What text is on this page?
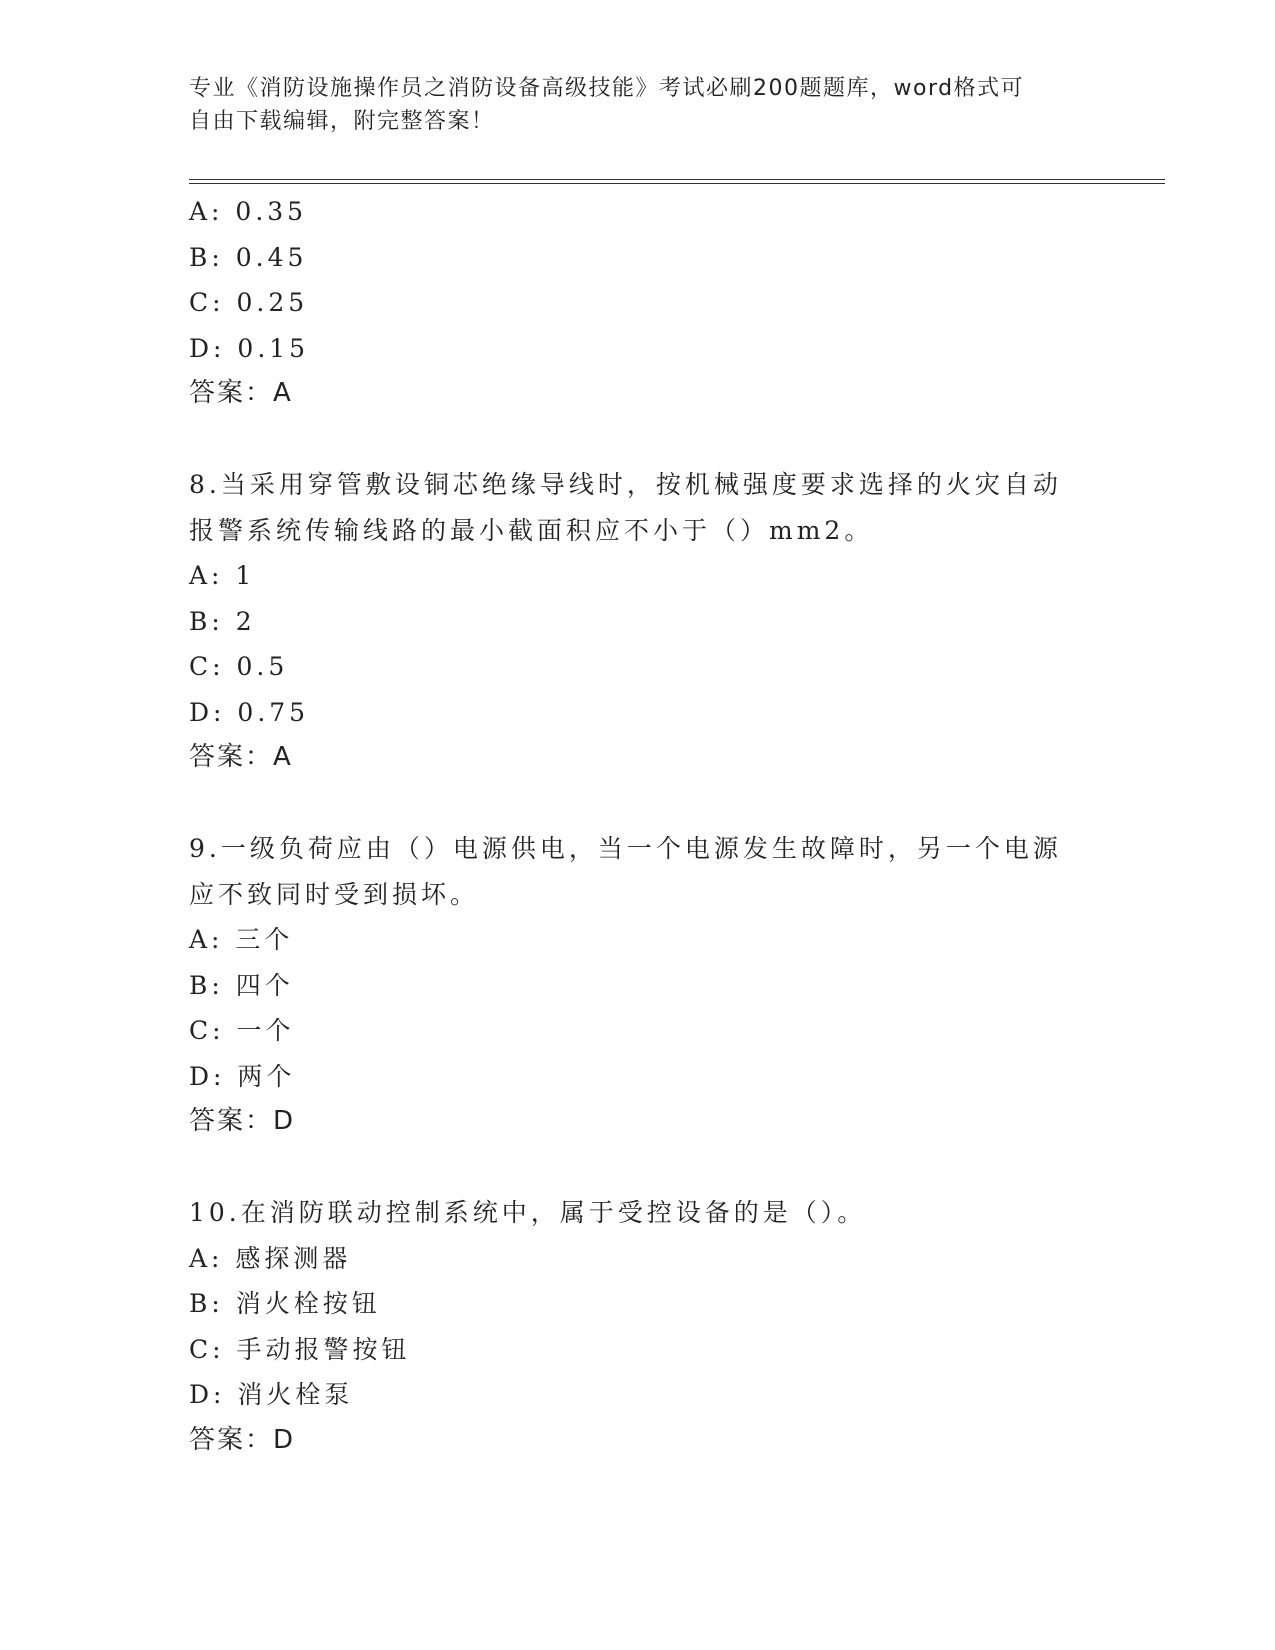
专业《消防设施操作员之消防设备高级技能》考试必刷200题题库，word格式可
自由下载编辑，附完整答案！
A: 0.35
B: 0.45
C: 0.25
D: 0.15
答案：A
8.当采用穿管敷设铜芯绝缘导线时，按机械强度要求选择的火灾自动
报警系统传输线路的最小截面积应不小于（）mm2。
A: 1
B: 2
C: 0.5
D: 0.75
答案：A
9.一级负荷应由（）电源供电，当一个电源发生故障时，另一个电源
应不致同时受到损坏。
A: 三个
B: 四个
C: 一个
D: 两个
答案：D
10.在消防联动控制系统中，属于受控设备的是（）。
A: 感探测器
B: 消火栓按钮
C: 手动报警按钮
D: 消火栓泵
答案：D
